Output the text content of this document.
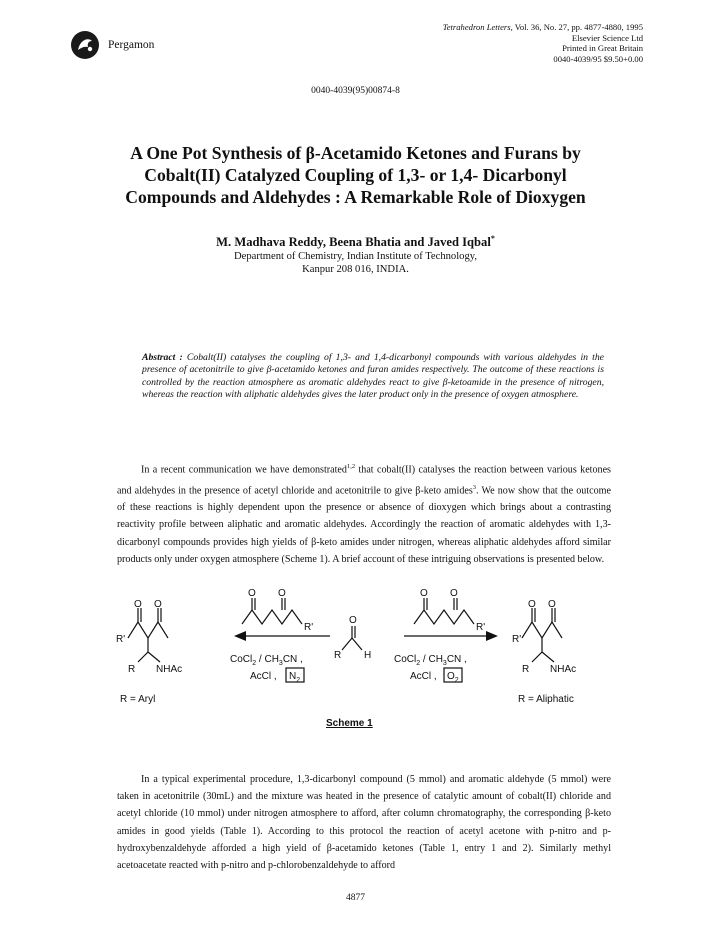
Pergamon
Tetrahedron Letters, Vol. 36, No. 27, pp. 4877-4880, 1995
Elsevier Science Ltd
Printed in Great Britain
0040-4039/95 $9.50+0.00
0040-4039(95)00874-8
A One Pot Synthesis of β-Acetamido Ketones and Furans by
Cobalt(II) Catalyzed Coupling of 1,3- or 1,4- Dicarbonyl
Compounds and Aldehydes : A Remarkable Role of Dioxygen
M. Madhava Reddy, Beena Bhatia and Javed Iqbal*
Department of Chemistry, Indian Institute of Technology,
Kanpur 208 016, INDIA.
Abstract : Cobalt(II) catalyses the coupling of 1,3- and 1,4-dicarbonyl compounds with various aldehydes in the presence of acetonitrile to give β-acetamido ketones and furan amides respectively. The outcome of these reactions is controlled by the reaction atmosphere as aromatic aldehydes react to give β-ketoamide in the presence of nitrogen, whereas the reaction with aliphatic aldehydes gives the later product only in the presence of oxygen atmosphere.

In a recent communication we have demonstrated$^{1,2}$ that cobalt(II) catalyses the reaction between various ketones and aldehydes in the presence of acetyl chloride and acetonitrile to give β-keto amides$^3$. We now show that the outcome of these reactions is highly dependent upon the presence or absence of dioxygen which brings about a contrasting reactivity profile between aliphatic and aromatic aldehydes. Accordingly the reaction of aromatic aldehydes with 1,3-dicarbonyl compounds provides high yields of β-keto amides under nitrogen, whereas aliphatic aldehydes afford similar products only under oxygen atmosphere (Scheme 1). A brief account of these intriguing observations is presented below.

O O
R'
R NHAc
R = Aryl
O O
R'
CoCl$_2$ / $CH_3CN$ ,
AcCl , $N_2$
O
R H
O O
R'
CoCl$_2$ / $CH_3CN$ ,
AcCl , $O_2$
O O
R'
R NHAc
R = Aliphatic
Scheme 1

In a typical experimental procedure, 1,3-dicarbonyl compound (5 mmol) and aromatic aldehyde (5 mmol) were taken in acetonitrile (30mL) and the mixture was heated in the presence of catalytic amount of cobalt(II) chloride and acetyl chloride (10 mmol) under nitrogen atmosphere to afford, after column chromatography, the corresponding β-keto amides in good yields (Table 1). According to this protocol the reaction of acetyl acetone with p-nitro and p-hydroxybenzaldehyde afforded a high yield of β-acetamido ketones (Table 1, entry 1 and 2). Similarly methyl acetoacetate reacted with p-nitro and p-chlorobenzaldehyde to afford

4877
